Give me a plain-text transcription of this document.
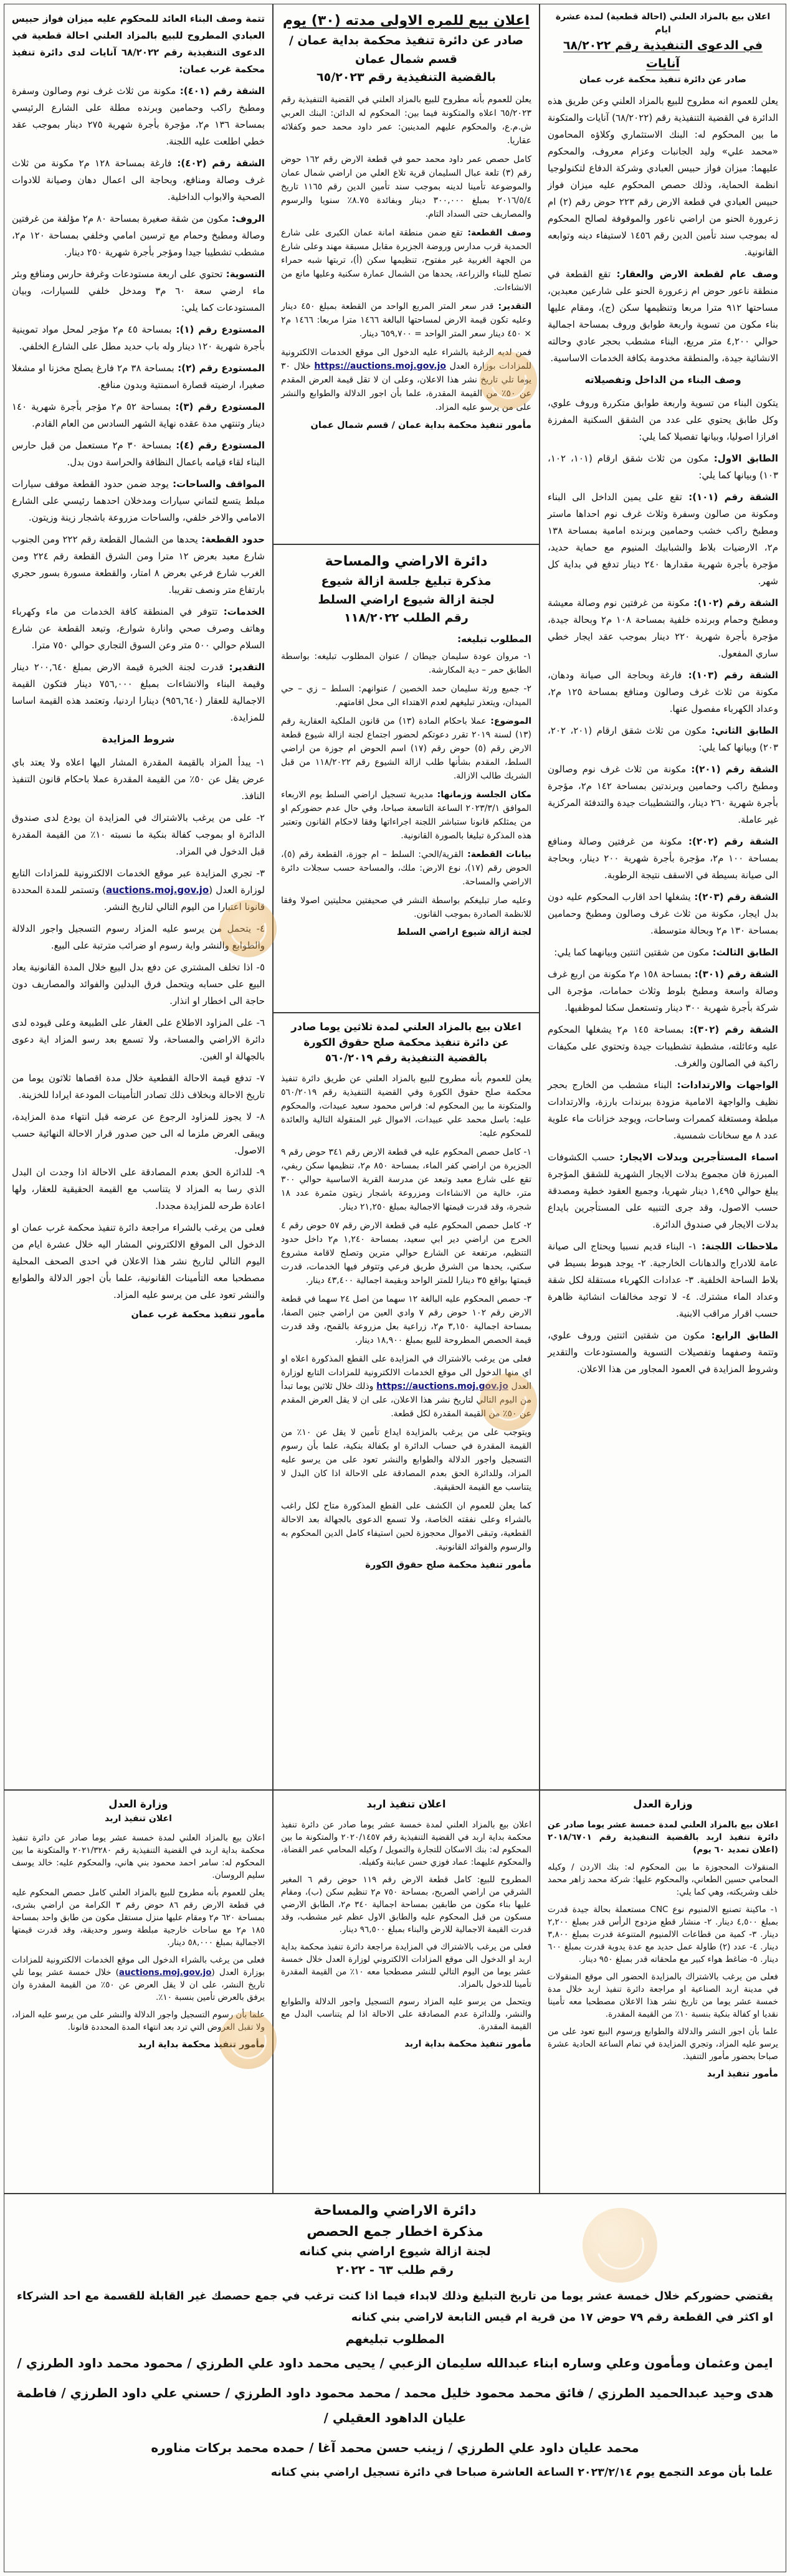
اعلان بيع بالمزاد العلني (احالة قطعية) لمدة عشرة ايام
في الدعوى التنفيذية رقم ٦٨/٢٠٢٢ آنايات
صادر عن دائرة تنفيذ محكمة غرب عمان

يعلن للعموم انه مطروح للبيع بالمزاد العلني وعن طريق هذه الدائرة في القضية التنفيذية رقم (٦٨/٢٠٢٢) آنايات والمتكونة ما بين المحكوم له: البنك الاستثماري وكلاؤه المحامون «محمد علي» وليد الجانبات وعزام معروف، والمحكوم عليهما: ميزان فواز حبيس العبادي وشركة الدفاع لتكنولوجيا انظمة الحماية، وذلك حصص المحكوم عليه ميزان فواز حبيس العبادي في قطعة الارض رقم ٢٢٣ حوض رقم (٢) ام زعرورة الحنو من اراضي ناعور والموقوفة لصالح المحكوم له بموجب سند تأمين الدين رقم ١٤٥٦ لاستيفاء دينه وتوابعه القانونية.

وصف عام لقطعة الارض والعقار: تقع القطعة في منطقة ناعور حوض ام زعرورة الحنو على شارعين معبدين، مساحتها ٩١٢ مترا مربعا وتنظيمها سكن (ج)، ومقام عليها بناء مكون من تسوية واربعة طوابق وروف بمساحة اجمالية حوالي ٤,٢٠٠ متر مربع، البناء مشطب بحجر عادي وحالته الانشائية جيدة، والمنطقة مخدومة بكافة الخدمات الاساسية.

وصف البناء من الداخل وتفصيلاته

يتكون البناء من تسوية واربعة طوابق متكررة وروف علوي، وكل طابق يحتوي على عدد من الشقق السكنية المفرزة افرازا اصوليا، وبيانها تفصيلا كما يلي:

الطابق الاول: مكون من ثلاث شقق ارقام (١٠١، ١٠٢، ١٠٣) وبيانها كما يلي:

الشقة رقم (١٠١): تقع على يمين الداخل الى البناء ومكونة من صالون وسفرة وثلاث غرف نوم احداها ماستر ومطبخ راكب خشب وحمامين وبرنده امامية بمساحة ١٣٨ م٢، الارضيات بلاط والشبابيك المنيوم مع حماية حديد، مؤجرة بأجرة شهرية مقدارها ٢٤٠ دينار تدفع في بداية كل شهر.

الشقة رقم (١٠٢): مكونة من غرفتين نوم وصالة معيشة ومطبخ وحمام وبرنده خلفية بمساحة ١٠٨ م٢ وبحالة جيدة، مؤجرة بأجرة شهرية ٢٢٠ دينار بموجب عقد ايجار خطي ساري المفعول.

الشقة رقم (١٠٣): فارغة وبحاجة الى صيانة ودهان، مكونة من ثلاث غرف وصالون ومنافع بمساحة ١٢٥ م٢، وعداد الكهرباء مفصول عنها.

الطابق الثاني: مكون من ثلاث شقق ارقام (٢٠١، ٢٠٢، ٢٠٣) وبيانها كما يلي:

الشقة رقم (٢٠١): مكونة من ثلاث غرف نوم وصالون ومطبخ راكب وحمامين وبرندتين بمساحة ١٤٢ م٢، مؤجرة بأجرة شهرية ٢٦٠ دينار، والتشطيبات جيدة والتدفئة المركزية غير عاملة.

الشقة رقم (٢٠٢): مكونة من غرفتين وصالة ومنافع بمساحة ١٠٠ م٢، مؤجرة بأجرة شهرية ٢٠٠ دينار، وبحاجة الى صيانة بسيطة في الاسقف نتيجة الرطوبة.

الشقة رقم (٢٠٣): يشغلها احد اقارب المحكوم عليه دون بدل ايجار، مكونة من ثلاث غرف وصالون ومطبخ وحمامين بمساحة ١٣٠ م٢ وبحالة متوسطة.

الطابق الثالث: مكون من شقتين اثنتين وبيانهما كما يلي:

الشقة رقم (٣٠١): بمساحة ١٥٨ م٢ مكونة من اربع غرف وصالة واسعة ومطبخ بلوط وثلاث حمامات، مؤجرة الى شركة بأجرة شهرية ٣٠٠ دينار وتستعمل سكنا لموظفيها.

الشقة رقم (٣٠٢): بمساحة ١٤٥ م٢ يشغلها المحكوم عليه وعائلته، مشطبة تشطيبات جيدة وتحتوي على مكيفات راكبة في الصالون والغرف.

الواجهات والارتدادات: البناء مشطب من الخارج بحجر نظيف والواجهة الامامية مزودة ببرندات بارزة، والارتدادات مبلطة ومستغلة كممرات وساحات، ويوجد خزانات ماء علوية عدد ٨ مع سخانات شمسية.

اسماء المستأجرين وبدلات الايجار: حسب الكشوفات المبرزة فان مجموع بدلات الايجار الشهرية للشقق المؤجرة يبلغ حوالي ١,٤٩٥ دينار شهريا، وجميع العقود خطية ومصدقة حسب الاصول، وقد جرى التنبيه على المستأجرين بايداع بدلات الايجار في صندوق الدائرة.

ملاحظات اللجنة: ١- البناء قديم نسبيا ويحتاج الى صيانة عامة للادراج والدهانات الخارجية. ٢- يوجد هبوط بسيط في بلاط الساحة الخلفية. ٣- عدادات الكهرباء مستقلة لكل شقة وعداد الماء مشترك. ٤- لا توجد مخالفات انشائية ظاهرة حسب اقرار مراقب الابنية.

الطابق الرابع: مكون من شقتين اثنتين وروف علوي، وتتمة وصفهما وتفصيلات التسوية والمستودعات والتقدير وشروط المزايدة في العمود المجاور من هذا الاعلان.

تتمة وصف البناء العائد للمحكوم عليه ميزان فواز حبيس العبادي المطروح للبيع بالمزاد العلني احالة قطعية في الدعوى التنفيذية رقم ٦٨/٢٠٢٢ آنايات لدى دائرة تنفيذ محكمة غرب عمان:

الشقة رقم (٤٠١): مكونة من ثلاث غرف نوم وصالون وسفرة ومطبخ راكب وحمامين وبرنده مطلة على الشارع الرئيسي بمساحة ١٣٦ م٢، مؤجرة بأجرة شهرية ٢٧٥ دينار بموجب عقد خطي اطلعت عليه اللجنة.

الشقة رقم (٤٠٢): فارغة بمساحة ١٢٨ م٢ مكونة من ثلاث غرف وصالة ومنافع، وبحاجة الى اعمال دهان وصيانة للادوات الصحية والابواب الداخلية.

الروف: مكون من شقة صغيرة بمساحة ٨٠ م٢ مؤلفة من غرفتين وصالة ومطبخ وحمام مع ترسين امامي وخلفي بمساحة ١٢٠ م٢، مشطب تشطيبا جيدا ومؤجر بأجرة شهرية ٢٥٠ دينار.

التسوية: تحتوي على اربعة مستودعات وغرفة حارس ومنافع وبئر ماء ارضي سعة ٦٠ م٣ ومدخل خلفي للسيارات، وبيان المستودعات كما يلي:

المستودع رقم (١): بمساحة ٤٥ م٢ مؤجر لمحل مواد تموينية بأجرة شهرية ١٢٠ دينار وله باب حديد مطل على الشارع الخلفي.

المستودع رقم (٢): بمساحة ٣٨ م٢ فارغ يصلح مخزنا او مشغلا صغيرا، ارضيته قصارة اسمنتية وبدون منافع.

المستودع رقم (٣): بمساحة ٥٢ م٢ مؤجر بأجرة شهرية ١٤٠ دينار وتنتهي مدة عقده نهاية الشهر السادس من العام القادم.

المستودع رقم (٤): بمساحة ٣٠ م٢ مستعمل من قبل حارس البناء لقاء قيامه باعمال النظافة والحراسة دون بدل.

المواقف والساحات: يوجد ضمن حدود القطعة موقف سيارات مبلط يتسع لثماني سيارات ومدخلان احدهما رئيسي على الشارع الامامي والاخر خلفي، والساحات مزروعة باشجار زينة وزيتون.

حدود القطعة: يحدها من الشمال القطعة رقم ٢٢٢ ومن الجنوب شارع معبد بعرض ١٢ مترا ومن الشرق القطعة رقم ٢٢٤ ومن الغرب شارع فرعي بعرض ٨ امتار، والقطعة مسورة بسور حجري بارتفاع متر ونصف تقريبا.

الخدمات: تتوفر في المنطقة كافة الخدمات من ماء وكهرباء وهاتف وصرف صحي وانارة شوارع، وتبعد القطعة عن شارع السلام حوالي ٥٠٠ متر وعن السوق التجاري حوالي ٧٥٠ مترا.

التقدير: قدرت لجنة الخبرة قيمة الارض بمبلغ ٢٠٠,٦٤٠ دينار وقيمة البناء والانشاءات بمبلغ ٧٥٦,٠٠٠ دينار فتكون القيمة الاجمالية للعقار (٩٥٦,٦٤٠) دينارا اردنيا، وتعتمد هذه القيمة اساسا للمزايدة.

شروط المزايدة

١- يبدأ المزاد بالقيمة المقدرة المشار اليها اعلاه ولا يعتد باي عرض يقل عن ٥٠٪ من القيمة المقدرة عملا باحكام قانون التنفيذ النافذ.

٢- على من يرغب بالاشتراك في المزايدة ان يودع لدى صندوق الدائرة او بموجب كفالة بنكية ما نسبته ١٠٪ من القيمة المقدرة قبل الدخول في المزاد.

٣- تجري المزايدة عبر موقع الخدمات الالكترونية للمزادات التابع لوزارة العدل (auctions.moj.gov.jo) وتستمر للمدة المحددة قانونا اعتبارا من اليوم التالي لتاريخ النشر.

٤- يتحمل من يرسو عليه المزاد رسوم التسجيل واجور الدلالة والطوابع والنشر واية رسوم او ضرائب مترتبة على البيع.

٥- اذا تخلف المشتري عن دفع بدل البيع خلال المدة القانونية يعاد البيع على حسابه ويتحمل فرق البدلين والفوائد والمصاريف دون حاجة الى اخطار او انذار.

٦- على المزاود الاطلاع على العقار على الطبيعة وعلى قيوده لدى دائرة الاراضي والمساحة، ولا تسمع بعد رسو المزاد اية دعوى بالجهالة او الغبن.

٧- تدفع قيمة الاحالة القطعية خلال مدة اقصاها ثلاثون يوما من تاريخ الاحالة وبخلاف ذلك تصادر التأمينات المودعة ايرادا للخزينة.

٨- لا يجوز للمزاود الرجوع عن عرضه قبل انتهاء مدة المزايدة، ويبقى العرض ملزما له الى حين صدور قرار الاحالة النهائية حسب الاصول.

٩- للدائرة الحق بعدم المصادقة على الاحالة اذا وجدت ان البدل الذي رسا به المزاد لا يتناسب مع القيمة الحقيقية للعقار، ولها اعادة طرحه للمزايدة مجددا.

فعلى من يرغب بالشراء مراجعة دائرة تنفيذ محكمة غرب عمان او الدخول الى الموقع الالكتروني المشار اليه خلال عشرة ايام من اليوم التالي لتاريخ نشر هذا الاعلان في احدى الصحف المحلية مصطحبا معه التأمينات القانونية، علما بأن اجور الدلالة والطوابع والنشر تعود على من يرسو عليه المزاد.

مأمور تنفيذ محكمة غرب عمان
اعلان بيع للمره الاولى مدته (٣٠) يوم
صادر عن دائرة تنفيذ محكمة بداية عمان /
قسم شمال عمان
بالقضية التنفيذية رقم ٦٥/٢٠٢٣

يعلن للعموم بأنه مطروح للبيع بالمزاد العلني في القضية التنفيذية رقم ٦٥/٢٠٢٣ اعلاه والمتكونة فيما بين: المحكوم له الدائن: البنك العربي ش.م.ع، والمحكوم عليهم المدينين: عمر داود محمد حمو وكفلائه عقاريا.

كامل حصص عمر داود محمد حمو في قطعة الارض رقم ١٦٢ حوض رقم (٣) تلعة عبال السليمان قرية تلاع العلي من اراضي شمال عمان والموضوعة تأمينا لدينه بموجب سند تأمين الدين رقم ١١٦٥ تاريخ ٢٠١٦/٥/٤ بمبلغ ٣٠٠,٠٠٠ دينار وبفائدة ٨.٧٥٪ سنويا والرسوم والمصاريف حتى السداد التام.

وصف القطعة: تقع ضمن منطقة امانة عمان الكبرى على شارع الحمدية قرب مدارس وروضة الجزيرة مقابل مسبقة مهند وعلى شارع من الجهة الغربية غير مفتوح، تنظيمها سكن (أ)، تربتها شبه حمراء تصلح للبناء والزراعة، يحدها من الشمال عمارة سكنية وعليها مانع من الانشاءات.

التقدير: قدر سعر المتر المربع الواحد من القطعة بمبلغ ٤٥٠ دينار وعليه تكون قيمة الارض لمساحتها البالغة ١٤٦٦ مترا مربعا: ١٤٦٦ م٢ × ٤٥٠ دينار سعر المتر الواحد = ٦٥٩,٧٠٠ دينار.

فمن لديه الرغبة بالشراء عليه الدخول الى موقع الخدمات الالكترونية للمزادات بوزارة العدل https://auctions.moj.gov.jo خلال ٣٠ يوما تلي تاريخ نشر هذا الاعلان، وعلى ان لا تقل قيمة العرض المقدم عن ٥٠٪ من القيمة المقدرة، علما بأن اجور الدلالة والطوابع والنشر على من يرسو عليه المزاد.

مأمور تنفيذ محكمة بداية عمان / قسم شمال عمان
دائرة الاراضي والمساحة
مذكرة تبليغ جلسة ازالة شيوع
لجنة ازالة شيوع اراضي السلط
رقم الطلب ١١٨/٢٠٢٢
المطلوب تبليغه:

١- مروان عودة سليمان جيطان / عنوان المطلوب تبليغه: بواسطة الطابق حمر – دية المكارشة.

٢- جميع ورثة سليمان حمد الخصين / عنوانهم: السلط – زي – حي الميدان، ويتعذر تبليغهم لعدم الاهتداء الى محل اقامتهم.

الموضوع: عملا باحكام المادة (١٣) من قانون الملكية العقارية رقم (١٣) لسنة ٢٠١٩ تقرر دعوتكم لحضور اجتماع لجنة ازالة شيوع قطعة الارض رقم (٥) حوض رقم (١٧) اسم الحوض ام جوزة من اراضي السلط، المقدم بشأنها طلب ازالة الشيوع رقم ١١٨/٢٠٢٢ من قبل الشريك طالب الازالة.

مكان الجلسة وزمانها: مديرية تسجيل اراضي السلط يوم الاربعاء الموافق ٢٠٢٣/٣/١ الساعة التاسعة صباحا، وفي حال عدم حضوركم او من يمثلكم قانونا ستباشر اللجنة اجراءاتها وفقا لاحكام القانون وتعتبر هذه المذكرة تبليغا بالصورة القانونية.

بيانات القطعة: القرية/الحي: السلط – ام جوزة، القطعة رقم (٥)، الحوض رقم (١٧)، نوع الارض: ملك، والمساحة حسب سجلات دائرة الاراضي والمساحة.

وعليه صار تبليغكم بواسطة النشر في صحيفتين محليتين اصولا وفقا للانظمة الصادرة بموجب القانون.

لجنة ازالة شيوع اراضي السلط
اعلان بيع بالمزاد العلني لمدة ثلاثين يوما صادر
عن دائرة تنفيذ محكمة صلح حقوق الكورة
بالقضية التنفيذية رقم ٥٦٠/٢٠١٩

يعلن للعموم بأنه مطروح للبيع بالمزاد العلني عن طريق دائرة تنفيذ محكمة صلح حقوق الكورة وفي القضية التنفيذية رقم ٥٦٠/٢٠١٩ والمتكونة ما بين المحكوم له: فراس محمود سعيد عبيدات، والمحكوم عليه: باسل محمد علي عبيدات، الاموال غير المنقولة التالية والعائدة للمحكوم عليه:

١- كامل حصص المحكوم عليه في قطعة الارض رقم ٣٤١ حوض رقم ٩ الجزيرة من اراضي كفر الماء، بمساحة ٨٥٠ م٢، تنظيمها سكن ريفي، تقع على شارع معبد وتبعد عن مدرسة القرية الاساسية حوالي ٣٠٠ متر، خالية من الانشاءات ومزروعة باشجار زيتون مثمرة عدد ١٨ شجرة، وقد قدرت قيمتها الاجمالية بمبلغ ٢١,٢٥٠ دينار.

٢- كامل حصص المحكوم عليه في قطعة الارض رقم ٥٧ حوض رقم ٤ الحرج من اراضي دير ابي سعيد، بمساحة ١,٢٤٠ م٢ داخل حدود التنظيم، مرتفعة عن الشارع حوالي مترين وتصلح لاقامة مشروع سكني، يحدها من الشرق طريق فرعي وتتوفر فيها الخدمات، قدرت قيمتها بواقع ٣٥ دينارا للمتر الواحد وبقيمة اجمالية ٤٣,٤٠٠ دينار.

٣- حصص المحكوم عليه البالغة ١٢ سهما من اصل ٢٤ سهما في قطعة الارض رقم ١٠٢ حوض رقم ٧ وادي العين من اراضي جنين الصفا، بمساحة اجمالية ٣,١٥٠ م٢، زراعية بعل مزروعة بالقمح، وقد قدرت قيمة الحصص المطروحة للبيع بمبلغ ١٨,٩٠٠ دينار.

فعلى من يرغب بالاشتراك في المزايدة على القطع المذكورة اعلاه او اي منها الدخول الى موقع الخدمات الالكترونية للمزادات التابع لوزارة العدل https://auctions.moj.gov.jo وذلك خلال ثلاثين يوما تبدأ من اليوم التالي لتاريخ نشر هذا الاعلان، على ان لا يقل العرض المقدم عن ٥٠٪ من القيمة المقدرة لكل قطعة.

ويتوجب على من يرغب بالمزايدة ايداع تأمين لا يقل عن ١٠٪ من القيمة المقدرة في حساب الدائرة او بكفالة بنكية، علما بأن رسوم التسجيل واجور الدلالة والطوابع والنشر تعود على من يرسو عليه المزاد، وللدائرة الحق بعدم المصادقة على الاحالة اذا كان البدل لا يتناسب مع القيمة الحقيقية.

كما يعلن للعموم ان الكشف على القطع المذكورة متاح لكل راغب بالشراء وعلى نفقته الخاصة، ولا تسمع الدعوى بالجهالة بعد الاحالة القطعية، وتبقى الاموال محجوزة لحين استيفاء كامل الدين المحكوم به والرسوم والفوائد القانونية.

مأمور تنفيذ محكمة صلح حقوق الكورة
وزارة العدل
اعلان تنفيذ اربد

اعلان بيع بالمزاد العلني لمدة خمسة عشر يوما صادر عن دائرة تنفيذ محكمة بداية اربد في القضية التنفيذية رقم ٢٠٢١/٣٢٨٠ والمتكونة ما بين المحكوم له: سامر احمد محمود بني هاني، والمحكوم عليه: خالد يوسف سليم الروسان.

يعلن للعموم بأنه مطروح للبيع بالمزاد العلني كامل حصص المحكوم عليه في قطعة الارض رقم ٨٦ حوض رقم ٣ الكرامة من اراضي بشرى، بمساحة ٦٢٠ م٢ ومقام عليها منزل مستقل مكون من طابق واحد بمساحة ١٨٥ م٢ مع ساحات خارجية مبلطة وسور وحديقة، وقد قدرت قيمتها الاجمالية بمبلغ ٥٨,٠٠٠ دينار.

فعلى من يرغب بالشراء الدخول الى موقع الخدمات الالكترونية للمزادات بوزارة العدل (auctions.moj.gov.jo) خلال خمسة عشر يوما تلي تاريخ النشر، على ان لا يقل العرض عن ٥٠٪ من القيمة المقدرة وان يرفق بالعرض تأمين بنسبة ١٠٪.

علما بأن رسوم التسجيل واجور الدلالة والنشر على من يرسو عليه المزاد، ولا تقبل العروض التي ترد بعد انتهاء المدة المحددة قانونا.

مأمور تنفيذ محكمة بداية اربد
اعلان تنفيذ اربد

اعلان بيع بالمزاد العلني لمدة خمسة عشر يوما صادر عن دائرة تنفيذ محكمة بداية اربد في القضية التنفيذية رقم ٢٠٢٠/١٤٥٧ والمتكونة ما بين المحكوم له: بنك الاسكان للتجارة والتمويل / وكيله المحامي عمر القضاة، والمحكوم عليهما: عماد فوزي حسن عبابنة وكفيله.

المطروح للبيع: كامل قطعة الارض رقم ١١٩ حوض رقم ٦ المغير الشرقي من اراضي الصريح، بمساحة ٧٥٠ م٢ تنظيم سكن (ب)، ومقام عليها بناء مكون من طابقين بمساحة اجمالية ٣٤٠ م٢، الطابق الارضي مسكون من قبل المحكوم عليه والطابق الاول عظم غير مشطب، وقد قدرت القيمة الاجمالية للارض والبناء بمبلغ ٩٦,٥٠٠ دينار.

فعلى من يرغب بالاشتراك في المزايدة مراجعة دائرة تنفيذ محكمة بداية اربد او الدخول الى موقع المزادات الالكتروني لوزارة العدل خلال خمسة عشر يوما من اليوم التالي للنشر مصطحبا معه ١٠٪ من القيمة المقدرة تأمينا للدخول بالمزاد.

ويتحمل من يرسو عليه المزاد رسوم التسجيل واجور الدلالة والطوابع والنشر، وللدائرة عدم المصادقة على الاحالة اذا لم يتناسب البدل مع القيمة المقدرة.

مأمور تنفيذ محكمة بداية اربد
وزارة العدل

اعلان بيع بالمزاد العلني لمدة خمسة عشر يوما صادر عن دائرة تنفيذ اربد بالقضية التنفيذية رقم ٢٠١٨/٦٧٠١ (اعلان تمديد ٦٠ يوم)

المنقولات المحجوزة ما بين المحكوم له: بنك الاردن / وكيله المحامي حسين الطعاني، والمحكوم عليها: شركة محمد زاهر محمد خلف وشريكته، وهي كما يلي:

١- ماكينة تصنيع الالمنيوم نوع CNC مستعملة بحالة جيدة قدرت بمبلغ ٤,٥٠٠ دينار. ٢- منشار قطع مزدوج الرأس قدر بمبلغ ٢,٢٠٠ دينار. ٣- كمية من قطاعات الالمنيوم المتنوعة قدرت بمبلغ ٣,٨٠٠ دينار. ٤- عدد (٢) طاولة عمل حديد مع عدة يدوية قدرت بمبلغ ٦٠٠ دينار. ٥- ضاغط هواء كبير مع ملحقاته قدر بمبلغ ٩٥٠ دينار.

فعلى من يرغب بالاشتراك بالمزايدة الحضور الى موقع المنقولات في مدينة اربد الصناعية او مراجعة دائرة تنفيذ اربد خلال مدة خمسة عشر يوما من تاريخ نشر هذا الاعلان مصطحبا معه تأمينا نقديا او كفالة بنكية بنسبة ١٠٪ من القيمة المقدرة.

علما بأن اجور النشر والدلالة والطوابع ورسوم البيع تعود على من يرسو عليه المزاد، وتجري المزايدة في تمام الساعة الحادية عشرة صباحا بحضور مأمور التنفيذ.

مأمور تنفيذ اربد
دائرة الاراضي والمساحة
مذكرة اخطار جمع الحصص
لجنة ازالة شيوع اراضي بني كنانه
رقم طلب ٦٣ - ٢٠٢٢

يقتضي حضوركم خلال خمسة عشر يوما من تاريخ التبليغ وذلك لابداء فيما اذا كنت ترغب في جمع حصصك غير القابلة للقسمة مع احد الشركاء او اكثر في القطعة رقم ٧٩ حوض ١٧ من قرية ام قيس التابعة لاراضي بني كنانه

المطلوب تبليغهم

ايمن وعثمان ومأمون وعلي وساره ابناء عبدالله سليمان الزعبي / يحيى محمد داود علي الطرزي / محمود محمد داود الطرزي /

هدى وحيد عبدالحميد الطرزي / فائق محمد محمود خليل محمد / محمد محمود داود الطرزي / حسني علي داود الطرزي / فاطمة عليان الداهود العقيلي /

محمد عليان داود علي الطرزي / زينب حسن محمد آغا / حمده محمد بركات مناوره

علما بأن موعد التجمع يوم ٢٠٢٣/٢/١٤ الساعة العاشرة صباحا في دائرة تسجيل اراضي بني كنانه
